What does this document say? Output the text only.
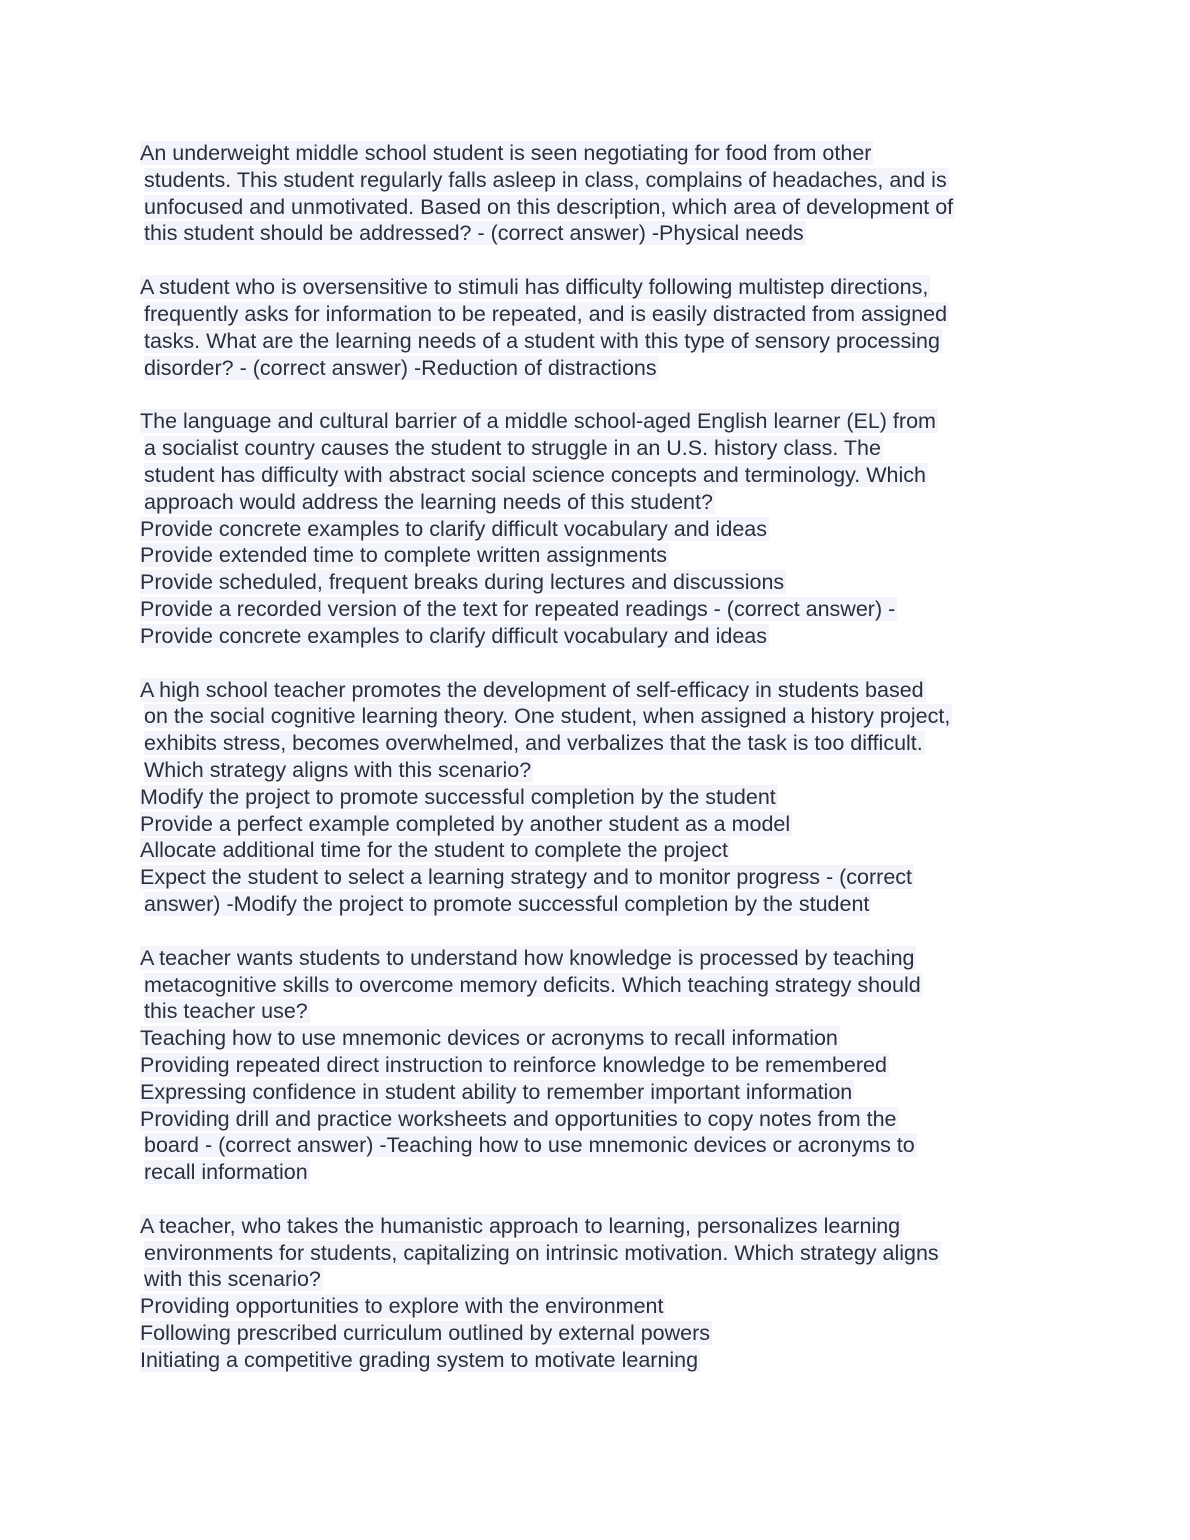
An underweight middle school student is seen negotiating for food from other
students. This student regularly falls asleep in class, complains of headaches, and is
unfocused and unmotivated. Based on this description, which area of development of
this student should be addressed? - (correct answer) -Physical needs
A student who is oversensitive to stimuli has difficulty following multistep directions,
frequently asks for information to be repeated, and is easily distracted from assigned
tasks. What are the learning needs of a student with this type of sensory processing
disorder? - (correct answer) -Reduction of distractions
The language and cultural barrier of a middle school-aged English learner (EL) from
a socialist country causes the student to struggle in an U.S. history class. The
student has difficulty with abstract social science concepts and terminology. Which
approach would address the learning needs of this student?
Provide concrete examples to clarify difficult vocabulary and ideas
Provide extended time to complete written assignments
Provide scheduled, frequent breaks during lectures and discussions
Provide a recorded version of the text for repeated readings - (correct answer) -
Provide concrete examples to clarify difficult vocabulary and ideas
A high school teacher promotes the development of self-efficacy in students based
on the social cognitive learning theory. One student, when assigned a history project,
exhibits stress, becomes overwhelmed, and verbalizes that the task is too difficult.
Which strategy aligns with this scenario?
Modify the project to promote successful completion by the student
Provide a perfect example completed by another student as a model
Allocate additional time for the student to complete the project
Expect the student to select a learning strategy and to monitor progress - (correct
answer) -Modify the project to promote successful completion by the student
A teacher wants students to understand how knowledge is processed by teaching
metacognitive skills to overcome memory deficits. Which teaching strategy should
this teacher use?
Teaching how to use mnemonic devices or acronyms to recall information
Providing repeated direct instruction to reinforce knowledge to be remembered
Expressing confidence in student ability to remember important information
Providing drill and practice worksheets and opportunities to copy notes from the
board - (correct answer) -Teaching how to use mnemonic devices or acronyms to
recall information
A teacher, who takes the humanistic approach to learning, personalizes learning
environments for students, capitalizing on intrinsic motivation. Which strategy aligns
with this scenario?
Providing opportunities to explore with the environment
Following prescribed curriculum outlined by external powers
Initiating a competitive grading system to motivate learning
